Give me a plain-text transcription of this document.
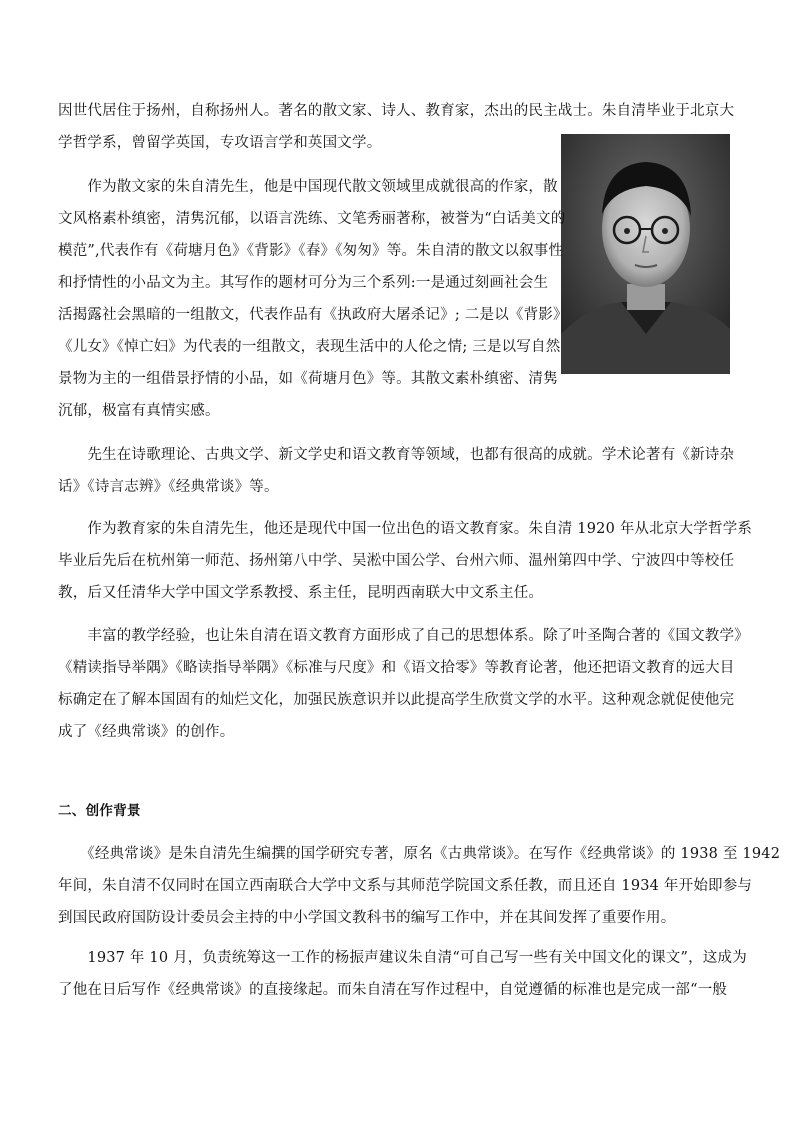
因世代居住于扬州，自称扬州人。著名的散文家、诗人、教育家，杰出的民主战士。朱自清毕业于北京大
学哲学系，曾留学英国，专攻语言学和英国文学。
　　作为散文家的朱自清先生，他是中国现代散文领域里成就很高的作家，散
文风格素朴缜密，清隽沉郁，以语言洗练、文笔秀丽著称，被誉为“白话美文的
模范”,代表作有《荷塘月色》《背影》《春》《匆匆》等。朱自清的散文以叙事性
和抒情性的小品文为主。其写作的题材可分为三个系列:一是通过刻画社会生
活揭露社会黑暗的一组散文，代表作品有《执政府大屠杀记》; 二是以《背影》
《儿女》《悼亡妇》为代表的一组散文，表现生活中的人伦之情; 三是以写自然
景物为主的一组借景抒情的小品，如《荷塘月色》等。其散文素朴缜密、清隽
沉郁，极富有真情实感。
　　先生在诗歌理论、古典文学、新文学史和语文教育等领域，也都有很高的成就。学术论著有《新诗杂
话》《诗言志辨》《经典常谈》等。
　　作为教育家的朱自清先生，他还是现代中国一位出色的语文教育家。朱自清 1920 年从北京大学哲学系
毕业后先后在杭州第一师范、扬州第八中学、吴淞中国公学、台州六师、温州第四中学、宁波四中等校任
教，后又任清华大学中国文学系教授、系主任，昆明西南联大中文系主任。
　　丰富的教学经验，也让朱自清在语文教育方面形成了自己的思想体系。除了叶圣陶合著的《国文教学》
《精读指导举隅》《略读指导举隅》《标准与尺度》和《语文拾零》等教育论著，他还把语文教育的远大目
标确定在了解本国固有的灿烂文化，加强民族意识并以此提高学生欣赏文学的水平。这种观念就促使他完
成了《经典常谈》的创作。
二、创作背景
　　《经典常谈》是朱自清先生编撰的国学研究专著，原名《古典常谈》。在写作《经典常谈》的 1938 至 1942
年间，朱自清不仅同时在国立西南联合大学中文系与其师范学院国文系任教，而且还自 1934 年开始即参与
到国民政府国防设计委员会主持的中小学国文教科书的编写工作中，并在其间发挥了重要作用。
　　1937 年 10 月，负责统筹这一工作的杨振声建议朱自清“可自己写一些有关中国文化的课文”，这成为
了他在日后写作《经典常谈》的直接缘起。而朱自清在写作过程中，自觉遵循的标准也是完成一部“一般
